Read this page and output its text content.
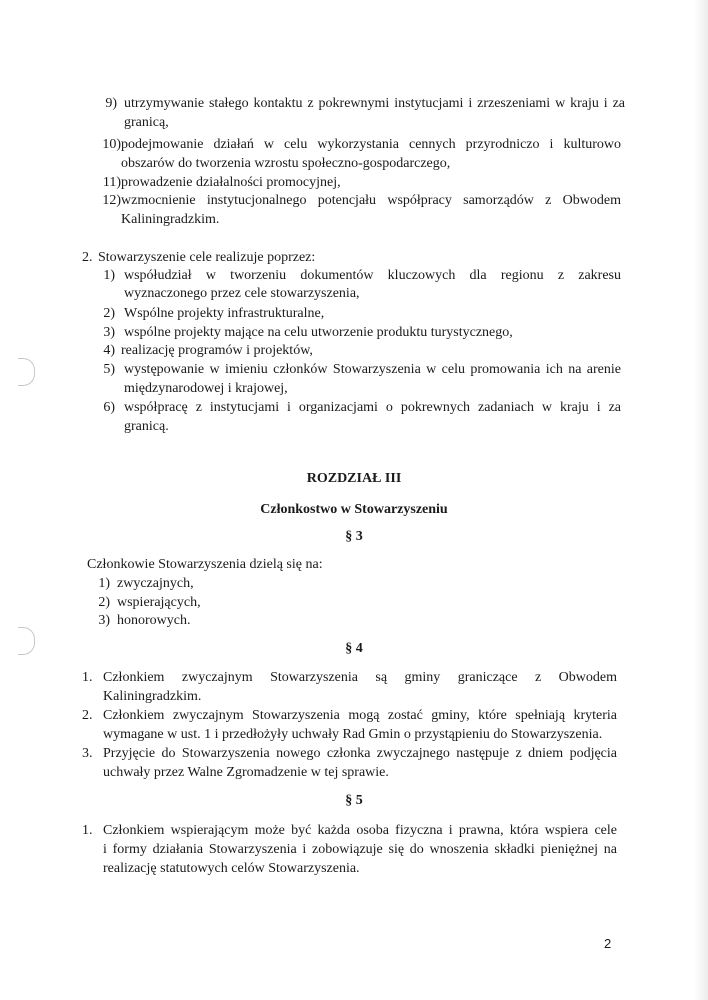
9) utrzymywanie stałego kontaktu z pokrewnymi instytucjami i zrzeszeniami w kraju i za
granicą,
10) podejmowanie działań w celu wykorzystania cennych przyrodniczo i kulturowo
obszarów do tworzenia wzrostu społeczno-gospodarczego,
11) prowadzenie działalności promocyjnej,
12) wzmocnienie instytucjonalnego potencjału współpracy samorządów z Obwodem
Kaliningradzkim.
2. Stowarzyszenie cele realizuje poprzez:
1) współudział w tworzeniu dokumentów kluczowych dla regionu z zakresu
wyznaczonego przez cele stowarzyszenia,
2) Wspólne projekty infrastrukturalne,
3) wspólne projekty mające na celu utworzenie produktu turystycznego,
4) realizację programów i projektów,
5) występowanie w imieniu członków Stowarzyszenia w celu promowania ich na arenie
międzynarodowej i krajowej,
6) współpracę z instytucjami i organizacjami o pokrewnych zadaniach w kraju i za
granicą.
ROZDZIAŁ III
Członkostwo w Stowarzyszeniu
§ 3
Członkowie Stowarzyszenia dzielą się na:
1) zwyczajnych,
2) wspierających,
3) honorowych.
§ 4
1. Członkiem zwyczajnym Stowarzyszenia są gminy graniczące z Obwodem
Kaliningradzkim.
2. Członkiem zwyczajnym Stowarzyszenia mogą zostać gminy, które spełniają kryteria
wymagane w ust. 1 i przedłożyły uchwały Rad Gmin o przystąpieniu do Stowarzyszenia.
3. Przyjęcie do Stowarzyszenia nowego członka zwyczajnego następuje z dniem podjęcia
uchwały przez Walne Zgromadzenie w tej sprawie.
§ 5
1. Członkiem wspierającym może być każda osoba fizyczna i prawna, która wspiera cele
i formy działania Stowarzyszenia i zobowiązuje się do wnoszenia składki pieniężnej na
realizację statutowych celów Stowarzyszenia.
2
